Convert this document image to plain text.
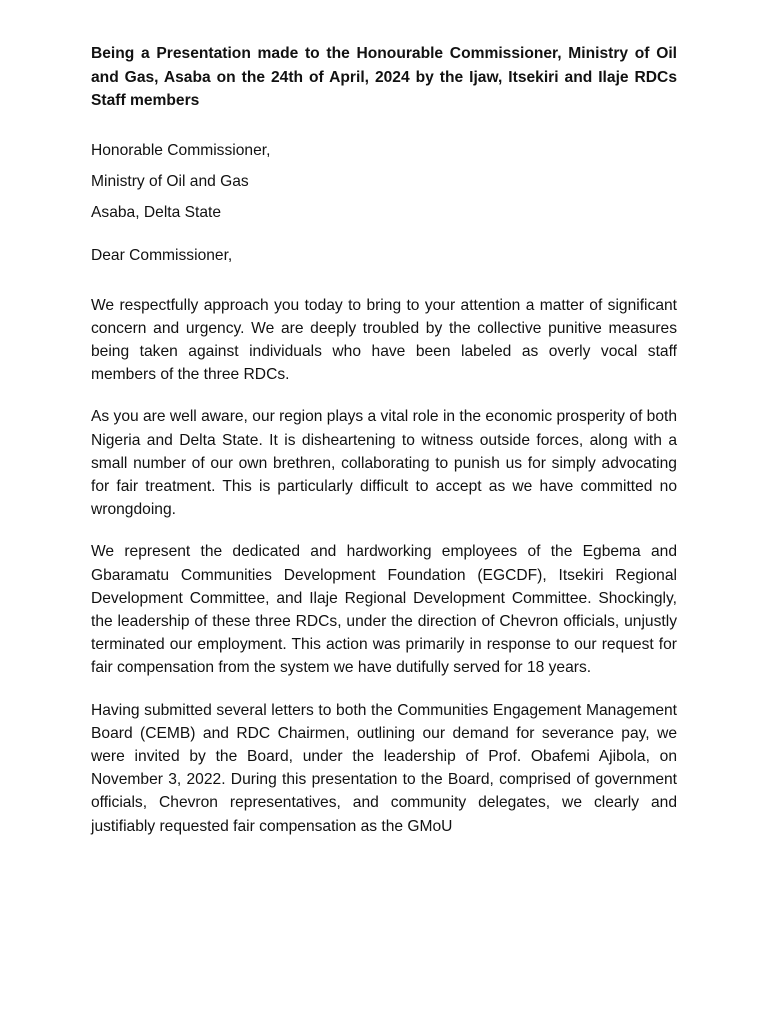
Being a Presentation made to the Honourable Commissioner, Ministry of Oil and Gas, Asaba on the 24th of April, 2024 by the Ijaw, Itsekiri and Ilaje RDCs Staff members

Honorable Commissioner,

Ministry of Oil and Gas

Asaba, Delta State

Dear Commissioner,

We respectfully approach you today to bring to your attention a matter of significant concern and urgency. We are deeply troubled by the collective punitive measures being taken against individuals who have been labeled as overly vocal staff members of the three RDCs.

As you are well aware, our region plays a vital role in the economic prosperity of both Nigeria and Delta State. It is disheartening to witness outside forces, along with a small number of our own brethren, collaborating to punish us for simply advocating for fair treatment. This is particularly difficult to accept as we have committed no wrongdoing.

We represent the dedicated and hardworking employees of the Egbema and Gbaramatu Communities Development Foundation (EGCDF), Itsekiri Regional Development Committee, and Ilaje Regional Development Committee. Shockingly, the leadership of these three RDCs, under the direction of Chevron officials, unjustly terminated our employment. This action was primarily in response to our request for fair compensation from the system we have dutifully served for 18 years.

Having submitted several letters to both the Communities Engagement Management Board (CEMB) and RDC Chairmen, outlining our demand for severance pay, we were invited by the Board, under the leadership of Prof. Obafemi Ajibola, on November 3, 2022. During this presentation to the Board, comprised of government officials, Chevron representatives, and community delegates, we clearly and justifiably requested fair compensation as the GMoU
